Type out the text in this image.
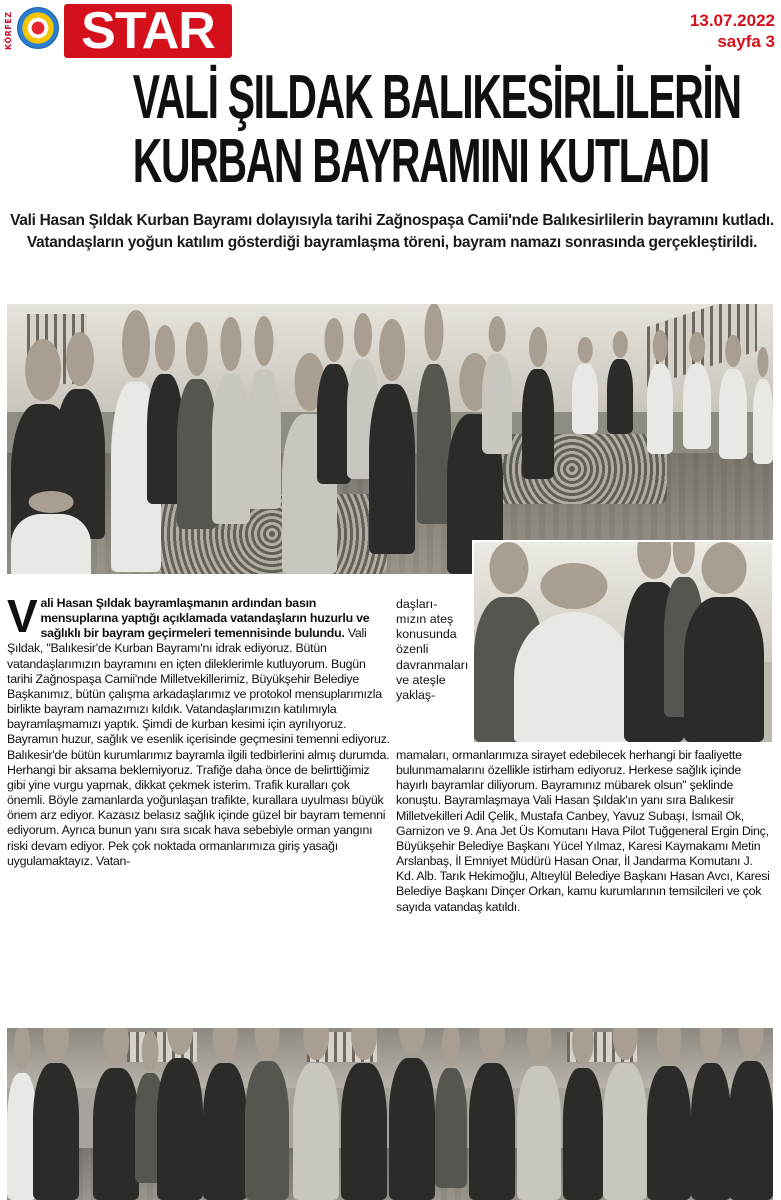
KÖRFEZ	STAR	13.07.2022
sayfa 3
VALİ ŞILDAK BALIKESİRLİLERİN
KURBAN BAYRAMINI KUTLADI
Vali Hasan Şıldak Kurban Bayramı dolayısıyla tarihi Zağnospaşa Camii'nde Balıkesirlilerin bayramını kutladı.
Vatandaşların yoğun katılım gösterdiği bayramlaşma töreni, bayram namazı sonrasında gerçekleştirildi.

Vali Hasan Şıldak bayramlaşmanın ardından basın mensuplarına yaptığı açıklamada vatandaşların huzurlu ve sağlıklı bir bayram geçirmeleri temennisinde bulundu. Vali Şıldak, "Balıkesir'de Kurban Bayramı'nı idrak ediyoruz. Bütün vatandaşlarımızın bayramını en içten dileklerimle kutluyorum. Bugün tarihi Zağnospaşa Camii'nde Milletvekillerimiz, Büyükşehir Belediye Başkanımız, bütün çalışma arkadaşlarımız ve protokol mensuplarımızla birlikte bayram namazımızı kıldık. Vatandaşlarımızın katılımıyla bayramlaşmamızı yaptık. Şimdi de kurban kesimi için ayrılıyoruz. Bayramın huzur, sağlık ve esenlik içerisinde geçmesini temenni ediyoruz. Balıkesir'de bütün kurumlarımız bayramla ilgili tedbirlerini almış durumda. Herhangi bir aksama beklemiyoruz. Trafiğe daha önce de belirttiğimiz gibi yine vurgu yapmak, dikkat çekmek isterim. Trafik kuralları çok önemli. Böyle zamanlarda yoğunlaşan trafikte, kurallara uyulması büyük önem arz ediyor. Kazasız belasız sağlık içinde güzel bir bayram temenni ediyorum. Ayrıca bunun yanı sıra sıcak hava sebebiyle orman yangını riski devam ediyor. Pek çok noktada ormanlarımıza giriş yasağı uygulamaktayız. Vatan-

daşları- mızın ateş konusunda özenli davranmaları ve ateşle yaklaş-

mamaları, ormanlarımıza sirayet edebilecek herhangi bir faaliyette bulunmamalarını özellikle istirham ediyoruz. Herkese sağlık içinde hayırlı bayramlar diliyorum. Bayramınız mübarek olsun" şeklinde konuştu. Bayramlaşmaya Vali Hasan Şıldak'ın yanı sıra Balıkesir Milletvekilleri Adil Çelik, Mustafa Canbey, Yavuz Subaşı, İsmail Ok, Garnizon ve 9. Ana Jet Üs Komutanı Hava Pilot Tuğgeneral Ergin Dinç, Büyükşehir Belediye Başkanı Yücel Yılmaz, Karesi Kaymakamı Metin Arslanbaş, İl Emniyet Müdürü Hasan Onar, İl Jandarma Komutanı J. Kd. Alb. Tarık Hekimoğlu, Altıeylül Belediye Başkanı Hasan Avcı, Karesi Belediye Başkanı Dinçer Orkan, kamu kurumlarının temsilcileri ve çok sayıda vatandaş katıldı.
